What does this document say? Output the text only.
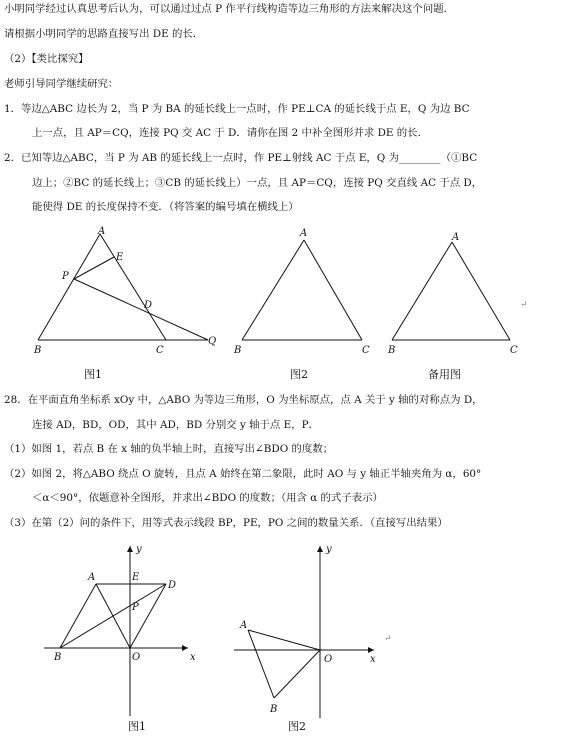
小明同学经过认真思考后认为，可以通过过点 P 作平行线构造等边三角形的方法来解决这个问题．
请根据小明同学的思路直接写出 DE 的长．
（2）【类比探究】
老师引导同学继续研究：
1．等边△ABC 边长为 2，当 P 为 BA 的延长线上一点时，作 PE⊥CA 的延长线于点 E，Q 为边 BC
上一点，且 AP＝CQ，连接 PQ 交 AC 于 D．请你在图 2 中补全图形并求 DE 的长．
2．已知等边△ABC，当 P 为 AB 的延长线上一点时，作 PE⊥射线 AC 于点 E，Q 为________（①BC
边上；②BC 的延长线上；③CB 的延长线上）一点，且 AP＝CQ，连接 PQ 交直线 AC 于点 D，
能使得 DE 的长度保持不变．（将答案的编号填在横线上）
A
E
P
D
B	C
Q
图1
A
B	C
图2
A
B	C
备用图
↵
28．在平面直角坐标系 xOy 中，△ABO 为等边三角形，O 为坐标原点，点 A 关于 y 轴的对称点为 D，
连接 AD，BD，OD，其中 AD，BD 分别交 y 轴于点 E，P．
（1）如图 1，若点 B 在 x 轴的负半轴上时，直接写出∠BDO 的度数；
（2）如图 2，将△ABO 绕点 O 旋转，且点 A 始终在第二象限，此时 AO 与 y 轴正半轴夹角为 α，60°
＜α＜90°，依题意补全图形，并求出∠BDO 的度数；（用含 α 的式子表示）
（3）在第（2）问的条件下，用等式表示线段 BP，PE，PO 之间的数量关系．（直接写出结果）
y
A	E
D
P
B	O	x
图1
y
A
O	x
B
图2
↵
